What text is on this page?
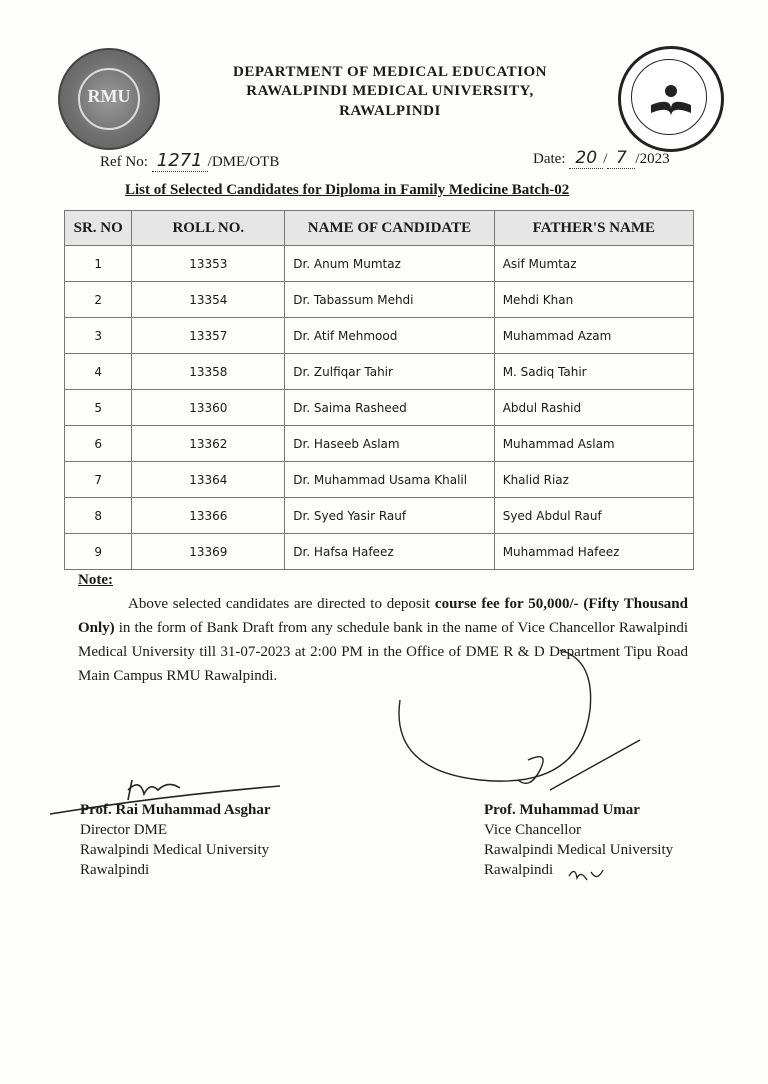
RMU
DEPARTMENT OF MEDICAL EDUCATION
RAWALPINDI MEDICAL UNIVERSITY,
RAWALPINDI
Ref No: 1271 /DME/OTB	Date: 20 / 7 /2023
List of Selected Candidates for Diploma in Family Medicine Batch-02
SR. NO	ROLL NO.	NAME OF CANDIDATE	FATHER'S NAME
1	13353	Dr. Anum Mumtaz	Asif Mumtaz
2	13354	Dr. Tabassum Mehdi	Mehdi Khan
3	13357	Dr. Atif Mehmood	Muhammad Azam
4	13358	Dr. Zulfiqar Tahir	M. Sadiq Tahir
5	13360	Dr. Saima Rasheed	Abdul Rashid
6	13362	Dr. Haseeb Aslam	Muhammad Aslam
7	13364	Dr. Muhammad Usama Khalil	Khalid Riaz
8	13366	Dr. Syed Yasir Rauf	Syed Abdul Rauf
9	13369	Dr. Hafsa Hafeez	Muhammad Hafeez
Note:

Above selected candidates are directed to deposit course fee for 50,000/- (Fifty Thousand Only) in the form of Bank Draft from any schedule bank in the name of Vice Chancellor Rawalpindi Medical University till 31-07-2023 at 2:00 PM in the Office of DME R & D Department Tipu Road Main Campus RMU Rawalpindi.

Prof. Rai Muhammad Asghar
Director DME
Rawalpindi Medical University
Rawalpindi
Prof. Muhammad Umar
Vice Chancellor
Rawalpindi Medical University
Rawalpindi
